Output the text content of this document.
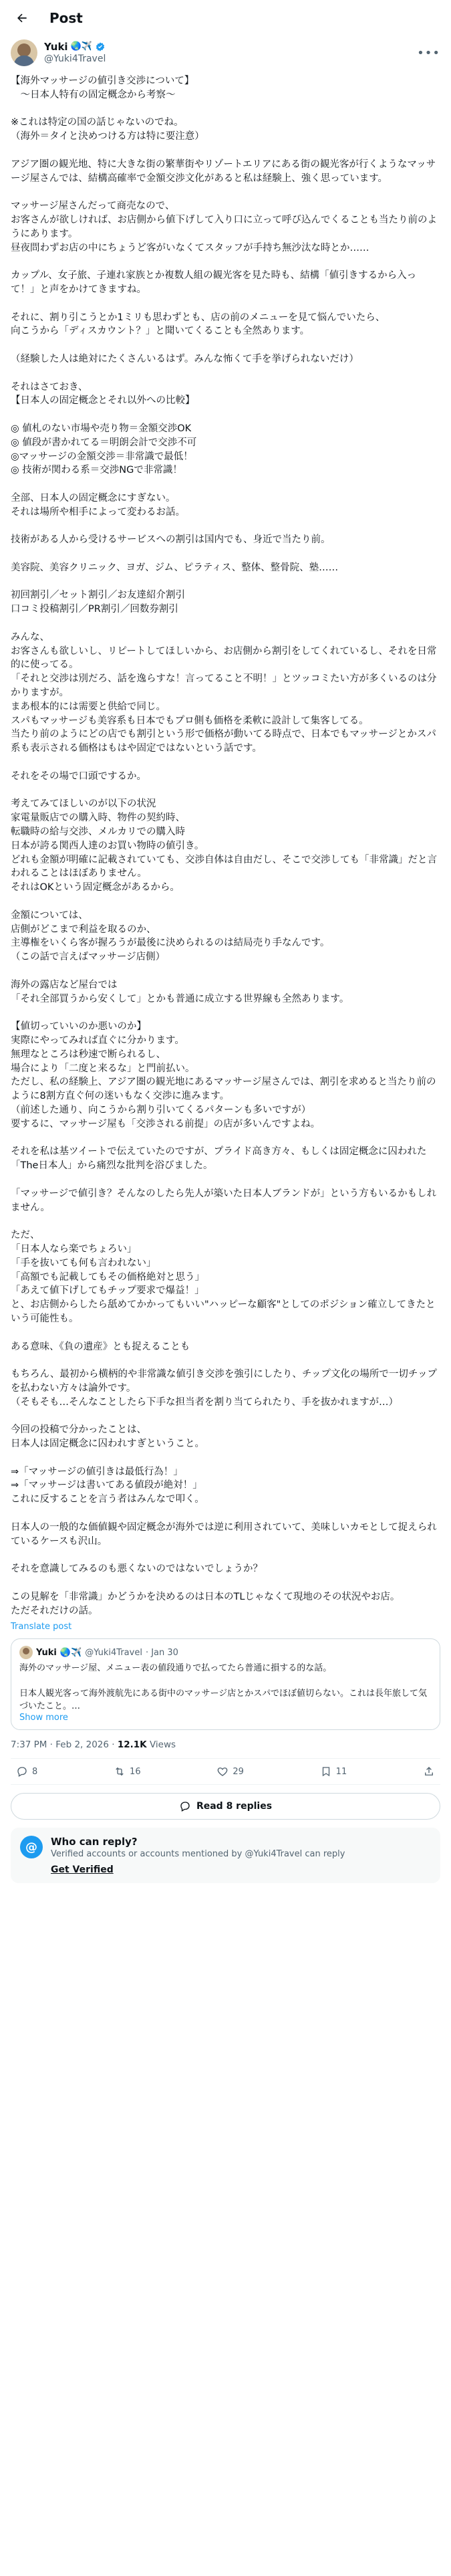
Post
Yuki 🌏✈️
@Yuki4Travel	•••
【海外マッサージの値引き交渉について】
　〜日本人特有の固定概念から考察〜

※これは特定の国の話じゃないのでね。
（海外＝タイと決めつける方は特に要注意）

アジア圏の観光地、特に大きな街の繁華街やリゾートエリアにある街の観光客が行くようなマッサージ屋さんでは、結構高確率で金額交渉文化があると私は経験上、強く思っています。

マッサージ屋さんだって商売なので、
お客さんが欲しければ、お店側から値下げして入り口に立って呼び込んでくることも当たり前のようにあります。
昼夜問わずお店の中にちょうど客がいなくてスタッフが手持ち無沙汰な時とか……

カップル、女子旅、子連れ家族とか複数人組の観光客を見た時も、結構「値引きするから入って！」と声をかけてきますね。

それに、割り引こうとか1ミリも思わずとも、店の前のメニューを見て悩んでいたら、
向こうから「ディスカウント？」と聞いてくることも全然あります。

（経験した人は絶対にたくさんいるはず。みんな怖くて手を挙げられないだけ）

それはさておき、
【日本人の固定概念とそれ以外への比較】

◎ 値札のない市場や売り物＝金額交渉OK
◎ 値段が書かれてる＝明朗会計で交渉不可
◎マッサージの金額交渉＝非常識で最低！
◎ 技術が関わる系＝交渉NGで非常識！

全部、日本人の固定概念にすぎない。
それは場所や相手によって変わるお話。

技術がある人から受けるサービスへの割引は国内でも、身近で当たり前。

美容院、美容クリニック、ヨガ、ジム、ピラティス、整体、整骨院、塾……

初回割引／セット割引／お友達紹介割引
口コミ投稿割引／PR割引／回数券割引

みんな、
お客さんも欲しいし、リピートしてほしいから、お店側から割引をしてくれているし、それを日常的に使ってる。
「それと交渉は別だろ、話を逸らすな！言ってること不明！」とツッコミたい方が多くいるのは分かりますが。
まあ根本的には需要と供給で同じ。
スパもマッサージも美容系も日本でもプロ側も価格を柔軟に設計して集客してる。
当たり前のようにどの店でも割引という形で価格が動いてる時点で、日本でもマッサージとかスパ系も表示される価格はもはや固定ではないという話です。

それをその場で口頭でするか。

考えてみてほしいのが以下の状況
家電量販店での購入時、物件の契約時、
転職時の給与交渉、メルカリでの購入時
日本が誇る関西人達のお買い物時の値引き。
どれも金額が明確に記載されていても、交渉自体は自由だし、そこで交渉しても「非常識」だと言われることはほぼありません。
それはOKという固定概念があるから。

金額については、
店側がどこまで利益を取るのか、
主導権をいくら客が握ろうが最後に決められるのは結局売り手なんです。
（この話で言えばマッサージ店側）

海外の露店など屋台では
「それ全部買うから安くして」とかも普通に成立する世界線も全然あります。

【値切っていいのか悪いのか】
実際にやってみれば直ぐに分かります。
無理なところは秒速で断られるし、
場合により「二度と来るな」と門前払い。
ただし、私の経験上、アジア圏の観光地にあるマッサージ屋さんでは、割引を求めると当たり前のように8割方直ぐ何の迷いもなく交渉に進みます。
（前述した通り、向こうから割り引いてくるパターンも多いですが）
要するに、マッサージ屋も「交渉される前提」の店が多いんですよね。

それを私は基ツイートで伝えていたのですが、プライド高き方々、もしくは固定概念に囚われた「The日本人」から痛烈な批判を浴びました。

「マッサージで値引き？そんなのしたら先人が築いた日本人ブランドが」という方もいるかもしれません。

ただ、
「日本人なら楽でちょろい」
「手を抜いても何も言われない」
「高額でも記載してもその価格絶対と思う」
「あえて値下げしてもチップ要求で爆益！」
と、お店側からしたら舐めてかかってもいい"ハッピーな顧客"としてのポジション確立してきたという可能性も。

ある意味、《負の遺産》とも捉えることも

もちろん、最初から横柄的や非常識な値引き交渉を強引にしたり、チップ文化の場所で一切チップを払わない方々は論外です。
（そもそも…そんなことしたら下手な担当者を割り当てられたり、手を抜かれますが…）

今回の投稿で分かったことは、
日本人は固定概念に囚われすぎということ。

⇒「マッサージの値引きは最低行為！」
⇒「マッサージは書いてある値段が絶対！」
これに反することを言う者はみんなで叩く。

日本人の一般的な価値観や固定概念が海外では逆に利用されていて、美味しいカモとして捉えられているケースも沢山。

それを意識してみるのも悪くないのではないでしょうか？

この見解を「非常識」かどうかを決めるのは日本のTLじゃなくて現地のその状況やお店。
ただそれだけの話。
Translate post
Yuki 🌏✈️ @Yuki4Travel · Jan 30
海外のマッサージ屋、メニュー表の値段通りで払ってたら普通に損する的な話。

日本人観光客って海外渡航先にある街中のマッサージ店とかスパでほぼ値切らない。これは長年旅して気づいたこと。…
Show more
7:37 PM · Feb 2, 2026 · 12.1K Views
8	16	29	11
Read 8 replies
@	Who can reply?
Verified accounts or accounts mentioned by @Yuki4Travel can reply
Get Verified
